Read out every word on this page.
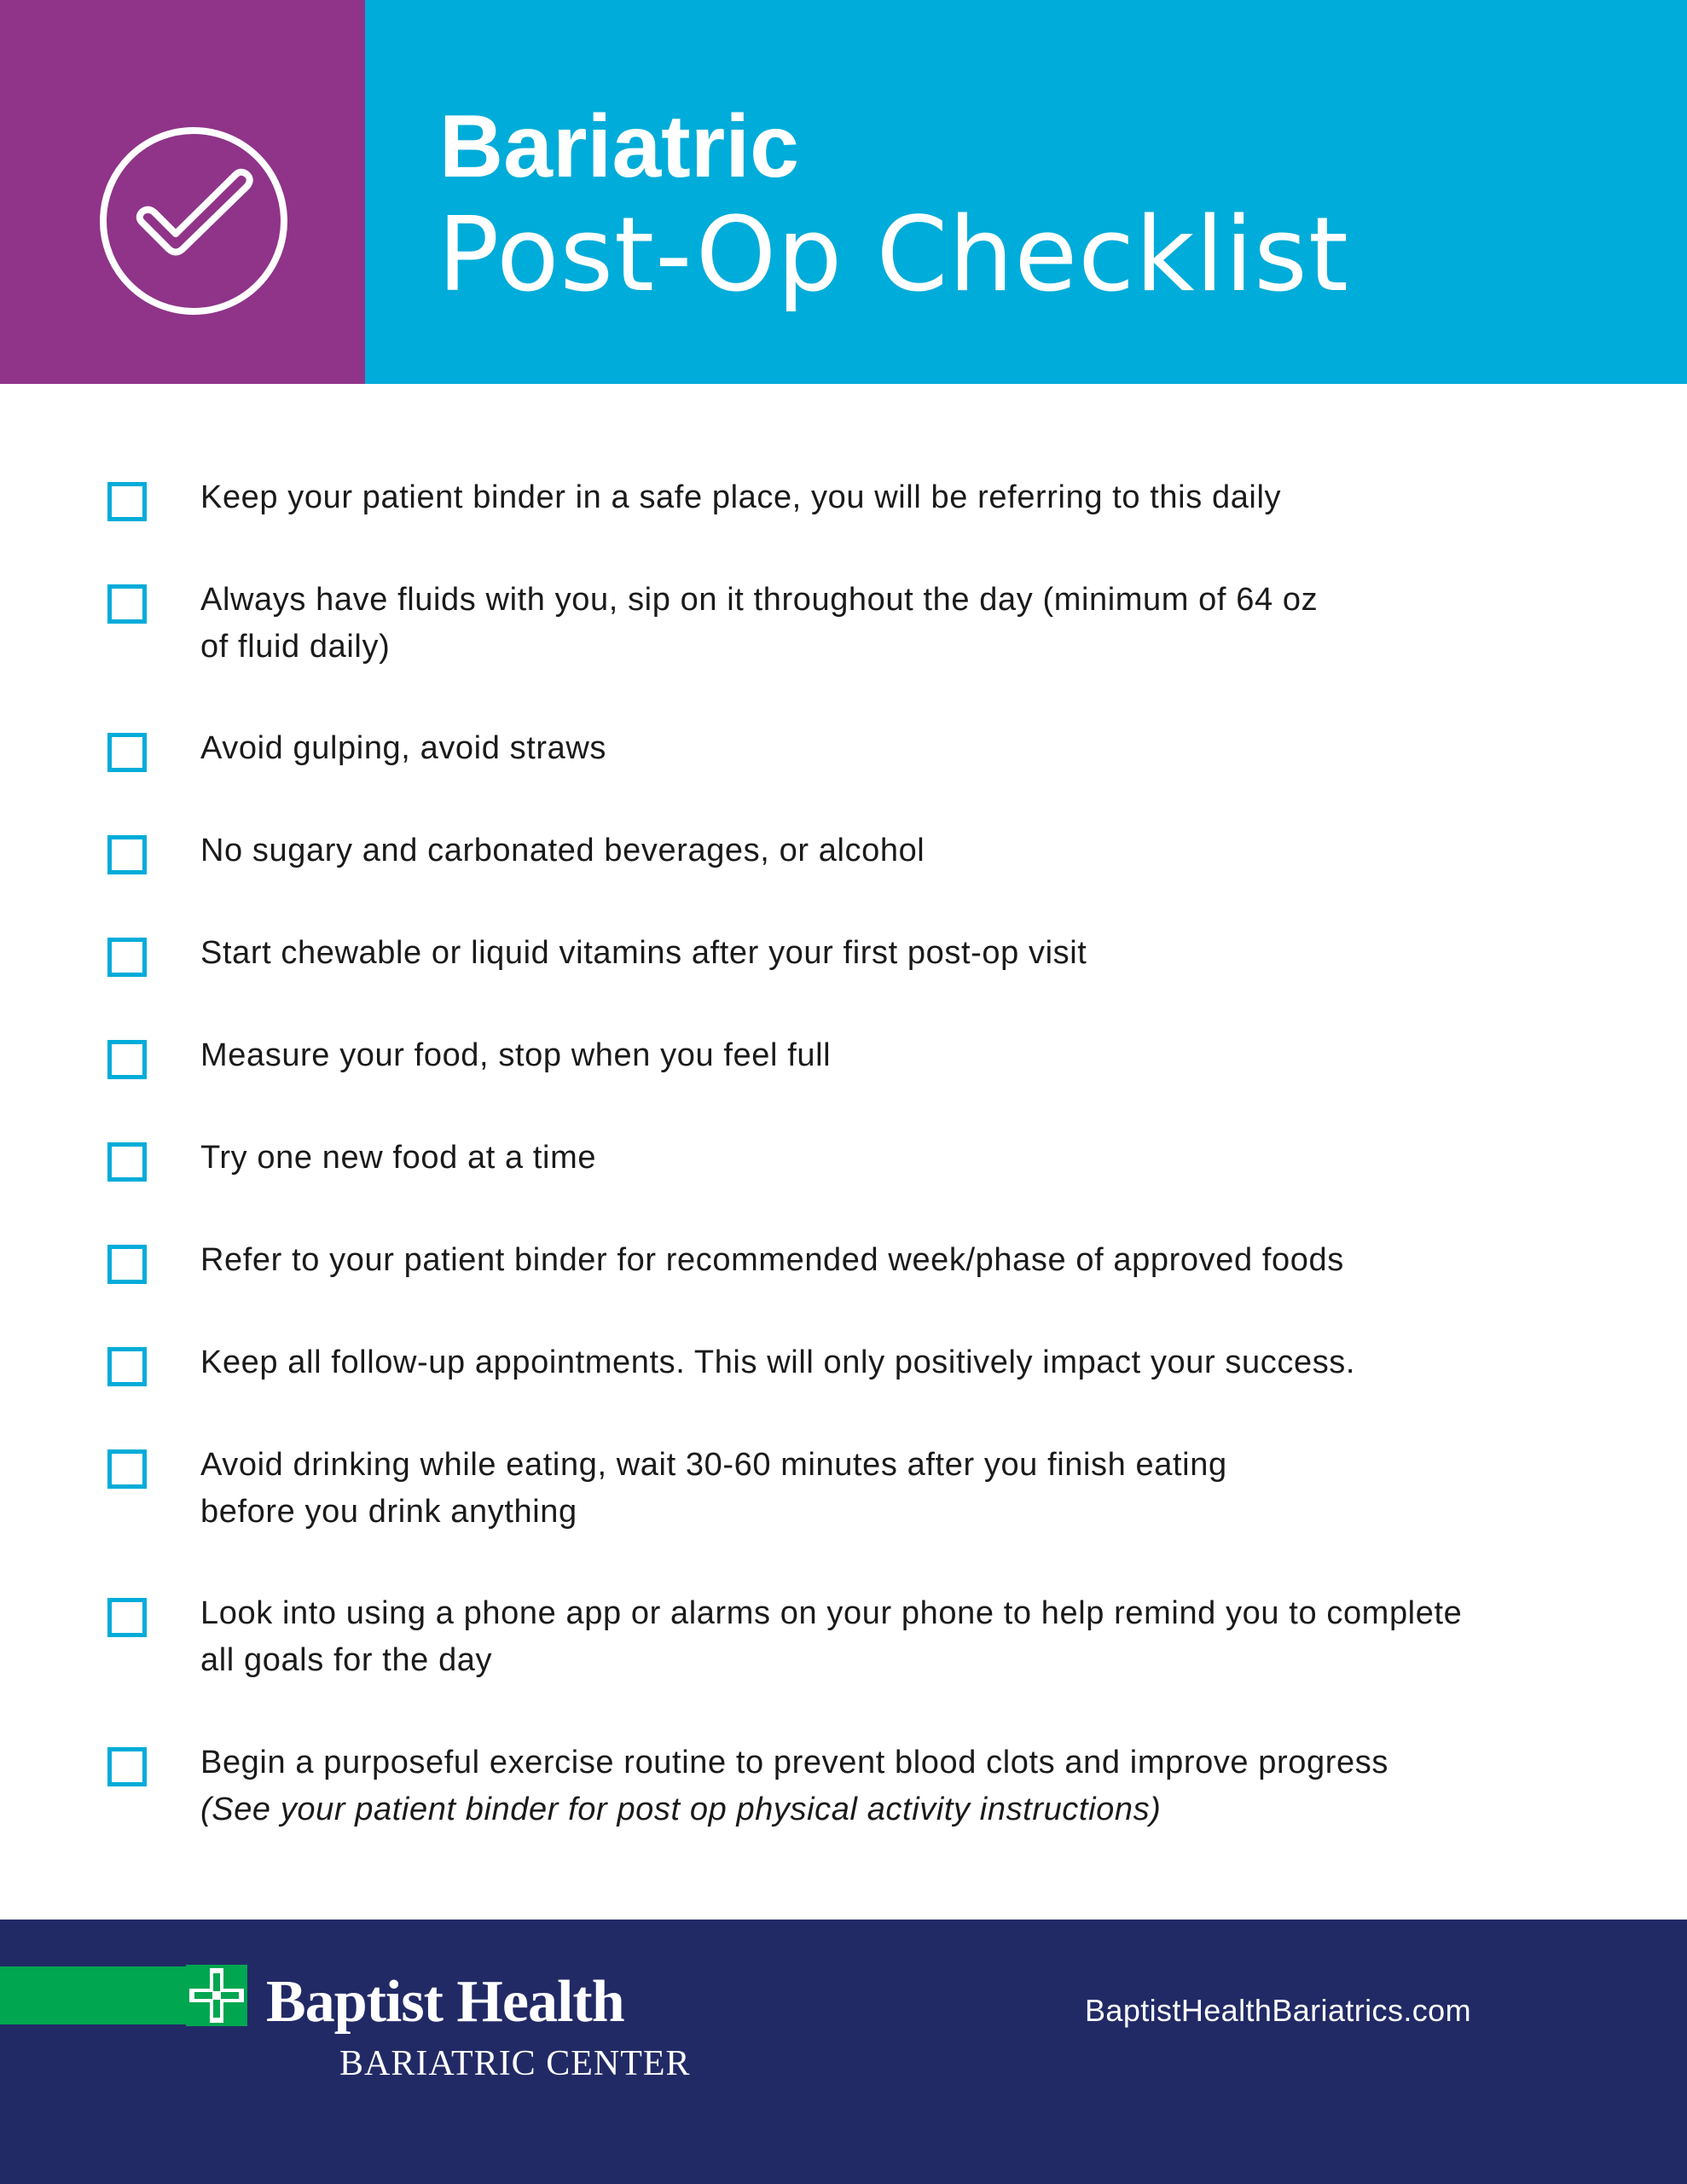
Bariatric
Post-Op Checklist
Keep your patient binder in a safe place, you will be referring to this daily
Always have fluids with you, sip on it throughout the day (minimum of 64 oz
of fluid daily)
Avoid gulping, avoid straws
No sugary and carbonated beverages, or alcohol
Start chewable or liquid vitamins after your first post-op visit
Measure your food, stop when you feel full
Try one new food at a time
Refer to your patient binder for recommended week/phase of approved foods
Keep all follow-up appointments. This will only positively impact your success.
Avoid drinking while eating, wait 30-60 minutes after you finish eating
before you drink anything
Look into using a phone app or alarms on your phone to help remind you to complete
all goals for the day
Begin a purposeful exercise routine to prevent blood clots and improve progress
(See your patient binder for post op physical activity instructions)

Baptist Health

BARIATRIC CENTER

BaptistHealthBariatrics.com
